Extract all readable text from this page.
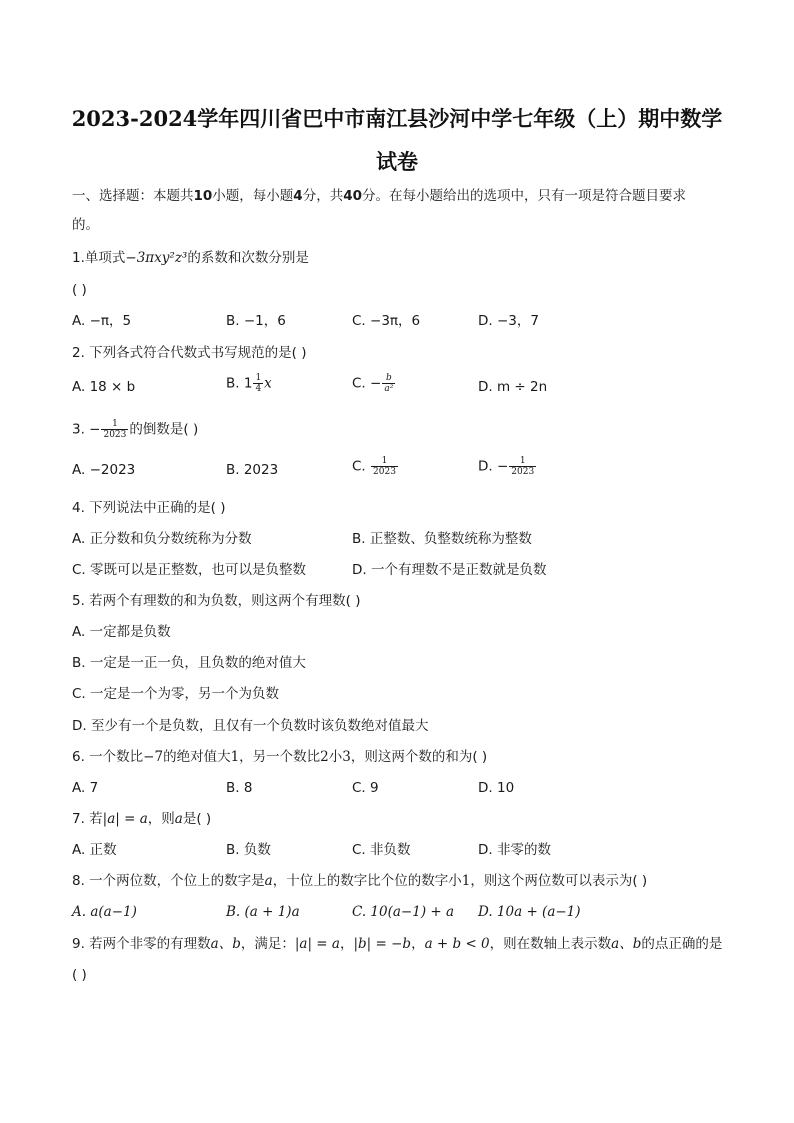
2023-2024学年四川省巴中市南江县沙河中学七年级（上）期中数学
试卷
一、选择题：本题共10小题，每小题4分，共40分。在每小题给出的选项中，只有一项是符合题目要求
的。
1.单项式−3πxy²z³的系数和次数分别是
( )
A. −π，5	B. −1，6	C. −3π，6	D. −3，7
2. 下列各式符合代数式书写规范的是( )
A. 18 × b	B. $1 \frac{1}{4}$ x	C. − $\frac{b}{\text{a²}}$	D. m ÷ 2n
3. − $\frac{1}{2023}$ 的倒数是( )
A. −2023	B. 2023	C. $\frac{1}{2023}$	D. − $\frac{1}{2023}$
4. 下列说法中正确的是( )
A. 正分数和负分数统称为分数	B. 正整数、负整数统称为整数
C. 零既可以是正整数，也可以是负整数	D. 一个有理数不是正数就是负数
5. 若两个有理数的和为负数，则这两个有理数( )
A. 一定都是负数
B. 一定是一正一负，且负数的绝对值大
C. 一定是一个为零，另一个为负数
D. 至少有一个是负数，且仅有一个负数时该负数绝对值最大
6. 一个数比−7的绝对值大1，另一个数比2小3，则这两个数的和为( )
A. 7	B. 8	C. 9	D. 10
7. 若|a| = a，则a是( )
A. 正数	B. 负数	C. 非负数	D. 非零的数
8. 一个两位数，个位上的数字是a，十位上的数字比个位的数字小1，则这个两位数可以表示为( )
A. a(a−1)	B. (a + 1)a	C. 10(a−1) + a D. 10a + (a−1)
9. 若两个非零的有理数a、b，满足：|a| = a，|b| = −b，a + b < 0，则在数轴上表示数a、b的点正确的是
( )
